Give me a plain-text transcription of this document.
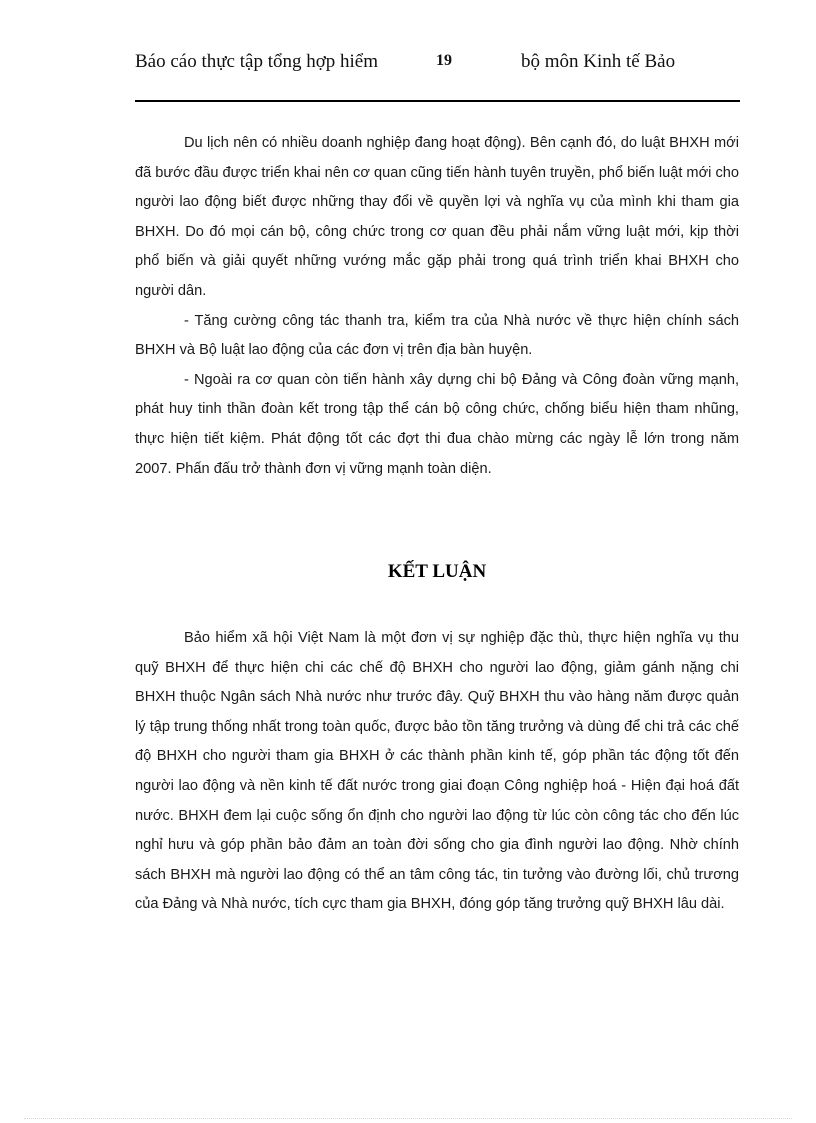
Báo cáo thực tập tổng hợp hiểm	19	bộ môn Kinh tế Bảo

Du lịch nên có nhiều doanh nghiệp đang hoạt động). Bên cạnh đó, do luật BHXH mới đã bước đầu được triển khai nên cơ quan cũng tiến hành tuyên truyền, phổ biến luật mới cho người lao động biết được những thay đổi về quyền lợi và nghĩa vụ của mình khi tham gia BHXH. Do đó mọi cán bộ, công chức trong cơ quan đều phải nắm vững luật mới, kịp thời phổ biến và giải quyết những vướng mắc gặp phải trong quá trình triển khai BHXH cho người dân.

- Tăng cường công tác thanh tra, kiểm tra của Nhà nước về thực hiện chính sách BHXH và Bộ luật lao động của các đơn vị trên địa bàn huyện.

- Ngoài ra cơ quan còn tiến hành xây dựng chi bộ Đảng và Công đoàn vững mạnh, phát huy tinh thần đoàn kết trong tập thể cán bộ công chức, chống biểu hiện tham nhũng, thực hiện tiết kiệm. Phát động tốt các đợt thi đua chào mừng các ngày lễ lớn trong năm 2007. Phấn đấu trở thành đơn vị vững mạnh toàn diện.

KẾT LUẬN

Bảo hiểm xã hội Việt Nam là một đơn vị sự nghiệp đặc thù, thực hiện nghĩa vụ thu quỹ BHXH để thực hiện chi các chế độ BHXH cho người lao động, giảm gánh nặng chi BHXH thuộc Ngân sách Nhà nước như trước đây. Quỹ BHXH thu vào hàng năm được quản lý tập trung thống nhất trong toàn quốc, được bảo tồn tăng trưởng và dùng để chi trả các chế độ BHXH cho người tham gia BHXH ở các thành phần kinh tế, góp phần tác động tốt đến người lao động và nền kinh tế đất nước trong giai đoạn Công nghiệp hoá - Hiện đại hoá đất nước. BHXH đem lại cuộc sống ổn định cho người lao động từ lúc còn công tác cho đến lúc nghỉ hưu và góp phần bảo đảm an toàn đời sống cho gia đình người lao động. Nhờ chính sách BHXH mà người lao động có thể an tâm công tác, tin tưởng vào đường lối, chủ trương của Đảng và Nhà nước, tích cực tham gia BHXH, đóng góp tăng trưởng quỹ BHXH lâu dài.
